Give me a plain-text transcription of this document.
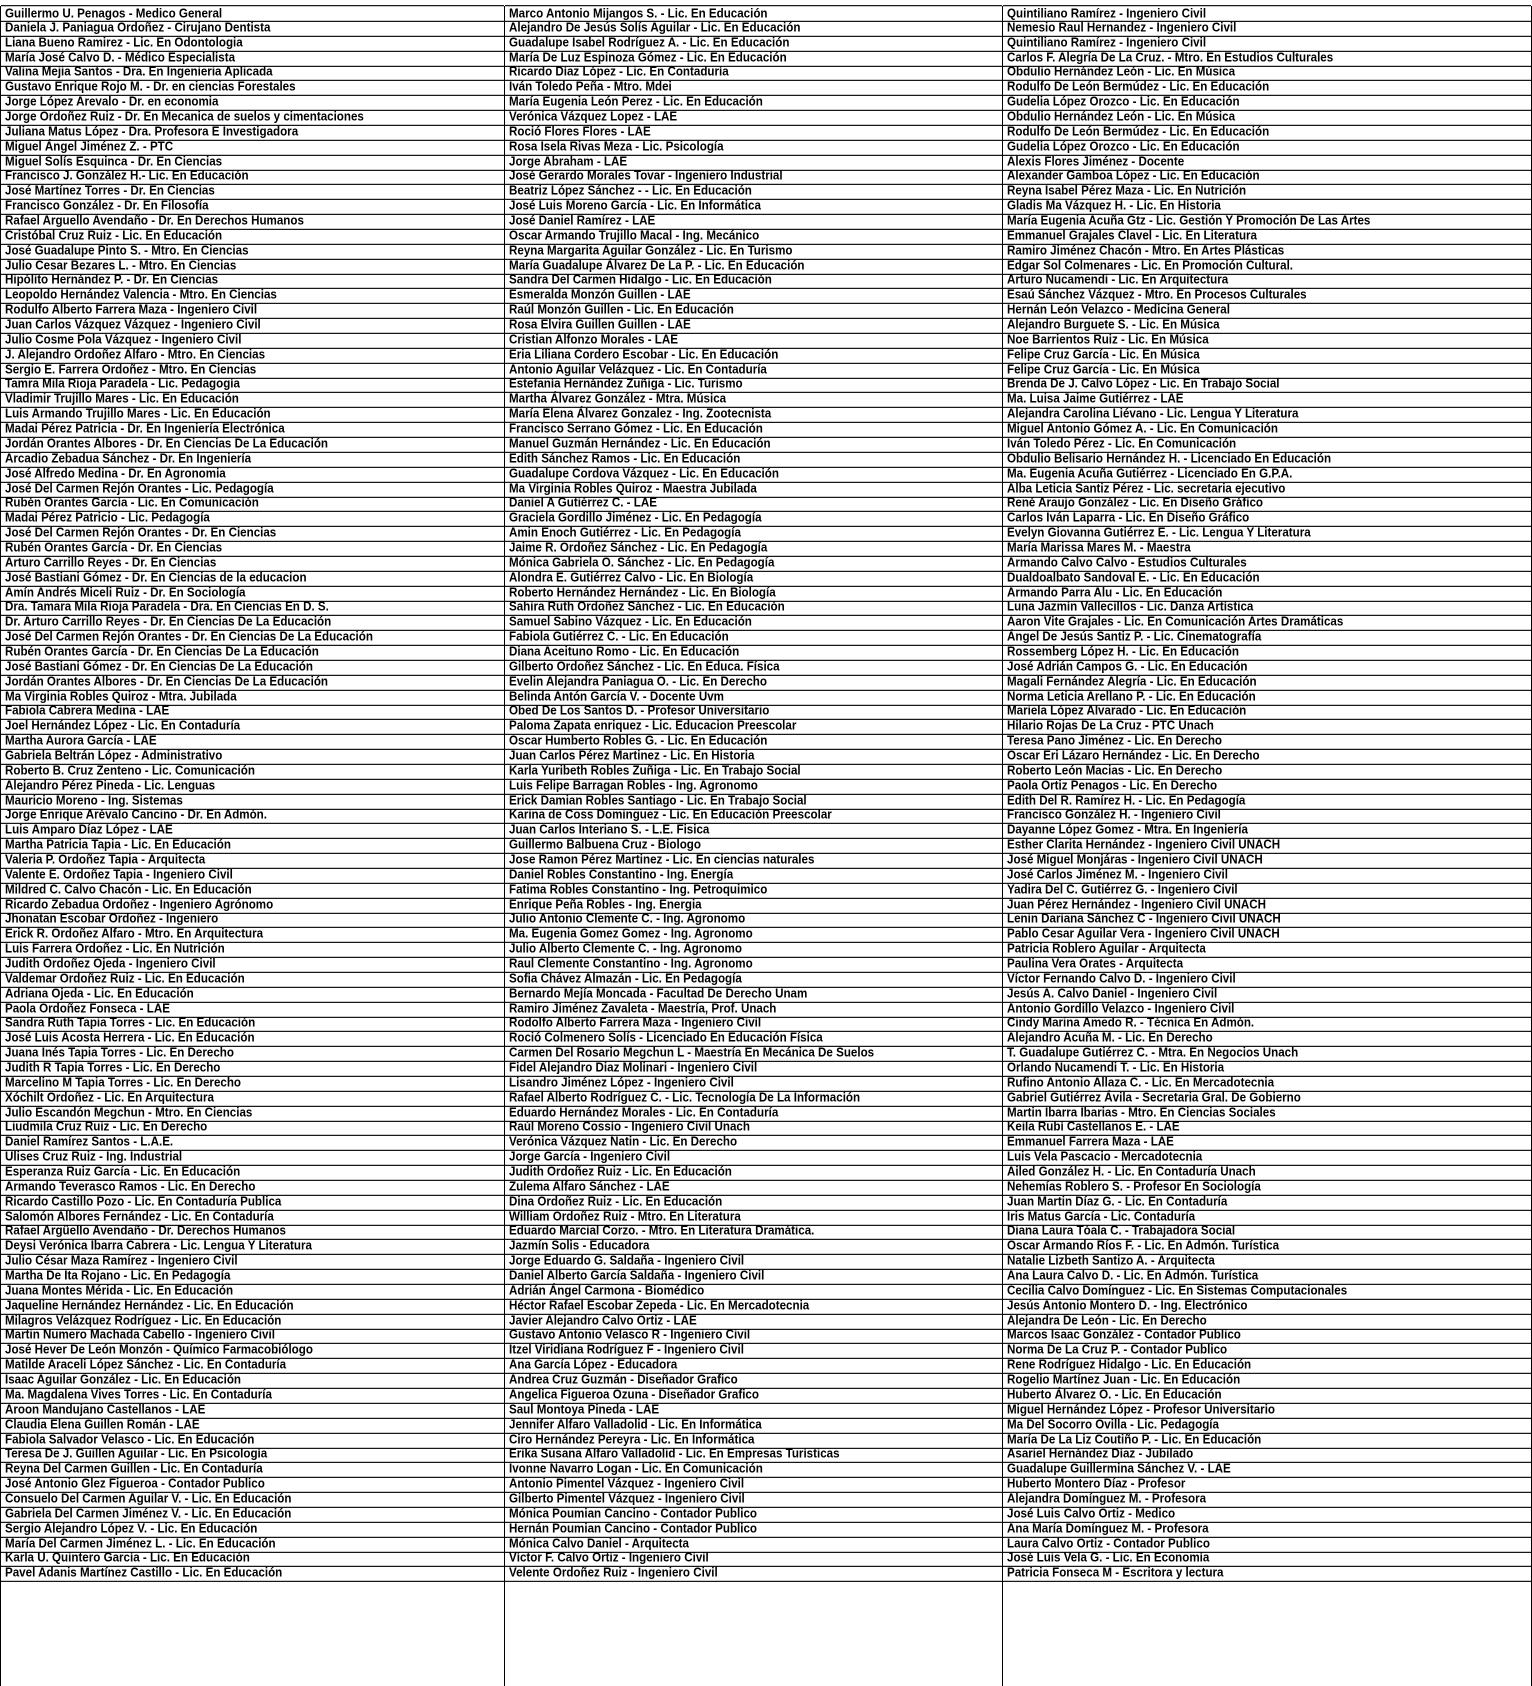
Guillermo U. Penagos - Medico General
Daniela J. Paniagua Ordoñez - Cirujano Dentista
Liana Bueno Ramirez - Lic. En Odontologia
María José Calvo D. - Médico Especialista
Valina Mejia Santos - Dra. En Ingenieria Aplicada
Gustavo Enrique Rojo M. - Dr. en ciencias Forestales
Jorge López Arevalo - Dr. en economia
Jorge Ordoñez Ruiz - Dr. En Mecanica de suelos y cimentaciones
Juliana Matus López - Dra. Profesora E Investigadora
Miguel Ángel Jiménez Z. - PTC
Miguel Solís Esquinca - Dr. En Ciencias
Francisco J. González H.- Lic. En Educación
José Martínez Torres - Dr. En Ciencias
Francisco González - Dr. En Filosofía
Rafael Arguello Avendaño - Dr. En Derechos Humanos
Cristóbal Cruz Ruiz - Lic. En Educación
José Guadalupe Pinto S. - Mtro. En Ciencias
Julio Cesar Bezares L. - Mtro. En Ciencias
Hipólito Hernández P. - Dr. En Ciencias
Leopoldo Hernández Valencia - Mtro. En Ciencias
Rodulfo Alberto Farrera Maza - Ingeniero Civil
Juan Carlos Vázquez Vázquez - Ingeniero Civil
Julio Cosme Pola Vázquez - Ingeniero Civil
J. Alejandro Ordoñez Alfaro - Mtro. En Ciencias
Sergio E. Farrera Ordoñez - Mtro. En Ciencias
Tamra Mila Rioja Paradela - Lic. Pedagogía
Vladimir Trujillo Mares - Lic. En Educación
Luis Armando Trujillo Mares - Lic. En Educación
Madai Pérez Patricia - Dr. En Ingeniería Electrónica
Jordán Orantes Albores - Dr. En Ciencias De La Educación
Arcadio Zebadua Sánchez - Dr. En Ingeniería
José Alfredo Medina - Dr. En Agronomia
José Del Carmen Rejón Orantes - Lic. Pedagogía
Rubén Orantes García - Lic. En Comunicación
Madai Pérez Patricio - Lic. Pedagogía
José Del Carmen Rejón Orantes - Dr. En Ciencias
Rubén Orantes García - Dr. En Ciencias
Arturo Carrillo Reyes - Dr. En Ciencias
José Bastiani Gómez - Dr. En Ciencias de la educacion
Amín Andrés Miceli Ruiz - Dr. En Sociología
Dra. Tamara Mila Rioja Paradela - Dra. En Ciencias En D. S.
Dr. Arturo Carrillo Reyes - Dr. En Ciencias De La Educación
José Del Carmen Rejón Orantes - Dr. En Ciencias De La Educación
Rubén Orantes García - Dr. En Ciencias De La Educación
José Bastiani Gómez - Dr. En Ciencias De La Educación
Jordán Orantes Albores - Dr. En Ciencias De La Educación
Ma Virginia Robles Quiroz - Mtra. Jubilada
Fabiola Cabrera Medina - LAE
Joel Hernández López - Lic. En Contaduría
Martha Aurora García - LAE
Gabriela Beltrán López - Administrativo
Roberto B. Cruz Zenteno - Lic. Comunicación
Alejandro Pérez Pineda - Lic. Lenguas
Mauricio Moreno - Ing. Sistemas
Jorge Enrique Arévalo Cancino - Dr. En Admón.
Luis Amparo Díaz López - LAE
Martha Patricia Tapia - Lic. En Educación
Valeria P. Ordoñez Tapia - Arquitecta
Valente E. Ordoñez Tapia - Ingeniero Civil
Mildred C. Calvo Chacón - Lic. En Educación
Ricardo Zebadua Ordoñez - Ingeniero Agrónomo
Jhonatan Escobar Ordoñez - Ingeniero
Erick R. Ordoñez Alfaro - Mtro. En Arquitectura
Luis Farrera Ordoñez - Lic. En Nutrición
Judith Ordoñez Ojeda - Ingeniero Civil
Valdemar Ordoñez Ruiz - Lic. En Educación
Adriana Ojeda - Lic. En Educación
Paola Ordoñez Fonseca - LAE
Sandra Ruth Tapia Torres - Lic. En Educación
José Luis Acosta Herrera - Lic. En Educación
Juana Inés Tapia Torres - Lic. En Derecho
Judith R Tapia Torres - Lic. En Derecho
Marcelino M Tapia Torres - Lic. En Derecho
Xóchilt Ordoñez - Lic. En Arquitectura
Julio Escandón Megchun - Mtro. En Ciencias
Liudmila Cruz Ruiz - Lic. En Derecho
Daniel Ramírez Santos - L.A.E.
Ulises Cruz Ruiz - Ing. Industrial
Esperanza Ruiz García - Lic. En Educación
Armando Teverasco Ramos - Lic. En Derecho
Ricardo Castillo Pozo - Lic. En Contaduría Publica
Salomón Albores Fernández - Lic. En Contaduría
Rafael Argüello Avendaño - Dr. Derechos Humanos
Deysi Verónica Ibarra Cabrera - Lic. Lengua Y Literatura
Julio César Maza Ramírez - Ingeniero Civil
Martha De Ita Rojano - Lic. En Pedagogía
Juana Montes Mérida - Lic. En Educación
Jaqueline Hernández Hernández - Lic. En Educación
Milagros Velázquez Rodríguez - Lic. En Educación
Martin Numero Machada Cabello - Ingeniero Civil
José Hever De León Monzón - Químico Farmacobiólogo
Matilde Araceli López Sánchez - Lic. En Contaduría
Isaac Aguilar González - Lic. En Educación
Ma. Magdalena Vives Torres - Lic. En Contaduría
Aroon Mandujano Castellanos - LAE
Claudia Elena Guillen Román - LAE
Fabiola Salvador Velasco - Lic. En Educación
Teresa De J. Guillen Aguilar - Lic. En Psicología
Reyna Del Carmen Guillen - Lic. En Contaduría
José Antonio Glez Figueroa - Contador Publico
Consuelo Del Carmen Aguilar V. - Lic. En Educación
Gabriela Del Carmen Jiménez V. - Lic. En Educación
Sergio Alejandro López V. - Lic. En Educación
María Del Carmen Jiménez L. - Lic. En Educación
Karla U. Quintero García - Lic. En Educación
Pavel Adanis Martínez Castillo - Lic. En Educación
Marco Antonio Mijangos S. - Lic. En Educación
Alejandro De Jesús Solís Aguilar - Lic. En Educación
Guadalupe Isabel Rodríguez A. - Lic. En Educación
María De Luz Espinoza Gómez - Lic. En Educación
Ricardo Díaz López - Lic. En Contaduría
Iván Toledo Peña - Mtro. Mdei
María Eugenia León Perez - Lic. En Educación
Verónica Vázquez Lopez - LAE
Roció Flores Flores - LAE
Rosa Isela Rivas Meza - Lic. Psicología
Jorge Abraham - LAE
José Gerardo Morales Tovar - Ingeniero Industrial
Beatriz López Sánchez - - Lic. En Educación
José Luis Moreno García - Lic. En Informática
José Daniel Ramírez - LAE
Oscar Armando Trujillo Macal - Ing. Mecánico
Reyna Margarita Aguilar González - Lic. En Turismo
María Guadalupe Álvarez De La P. - Lic. En Educación
Sandra Del Carmen Hidalgo - Lic. En Educación
Esmeralda Monzón Guillen - LAE
Raúl Monzón Guillen - Lic. En Educación
Rosa Elvira Guillen Guillen - LAE
Cristian Alfonzo Morales - LAE
Eria Liliana Cordero Escobar - Lic. En Educación
Antonio Aguilar Velázquez - Lic. En Contaduría
Estefanía Hernández Zuñiga - Lic. Turismo
Martha Álvarez González - Mtra. Música
María Elena Álvarez Gonzalez - Ing. Zootecnista
Francisco Serrano Gómez - Lic. En Educación
Manuel Guzmán Hernández - Lic. En Educación
Edith Sánchez Ramos - Lic. En Educación
Guadalupe Cordova Vázquez - Lic. En Educación
Ma Virginia Robles Quiroz - Maestra Jubilada
Daniel A Gutiérrez C. - LAE
Graciela Gordillo Jiménez - Lic. En Pedagogía
Amin Enoch Gutiérrez - Lic. En Pedagogía
Jaime R. Ordoñez Sánchez - Lic. En Pedagogía
Mónica Gabriela O. Sánchez - Lic. En Pedagogía
Alondra E. Gutiérrez Calvo - Lic. En Biología
Roberto Hernández Hernández - Lic. En Biología
Sahira Ruth Ordoñez Sánchez - Lic. En Educación
Samuel Sabino Vázquez - Lic. En Educación
Fabiola Gutiérrez C. - Lic. En Educación
Diana Aceituno Romo - Lic. En Educación
Gilberto Ordoñez Sánchez - Lic. En Educa. Física
Evelin Alejandra Paniagua O. - Lic. En Derecho
Belinda Antón García V. - Docente Uvm
Obed De Los Santos D. - Profesor Universitario
Paloma Zapata enriquez - Lic. Educacion Preescolar
Oscar Humberto Robles G. - Lic. En Educación
Juan Carlos Pérez Martinez - Lic. En Historia
Karla Yuribeth Robles Zuñiga - Lic. En Trabajo Social
Luis Felipe Barragan Robles - Ing. Agronomo
Erick Damian Robles Santiago - Lic. En Trabajo Social
Karina de Coss Dominguez - Lic. En Educación Preescolar
Juan Carlos Interiano S. - L.E. Fisica
Guillermo Balbuena Cruz - Biologo
Jose Ramon Pérez Martinez - Lic. En ciencias naturales
Daniel Robles Constantino - Ing. Energía
Fatima Robles Constantino - Ing. Petroquimico
Enrique Peña Robles - Ing. Energia
Julio Antonio Clemente C. - Ing. Agronomo
Ma. Eugenia Gomez Gomez - Ing. Agronomo
Julio Alberto Clemente C. - Ing. Agronomo
Raul Clemente Constantino - Ing. Agronomo
Sofia Chávez Almazán - Lic. En Pedagogía
Bernardo Mejía Moncada - Facultad De Derecho Unam
Ramiro Jiménez Zavaleta - Maestría, Prof. Unach
Rodolfo Alberto Farrera Maza - Ingeniero Civil
Roció Colmenero Solís - Licenciado En Educación Física
Carmen Del Rosario Megchun L - Maestría En Mecánica De Suelos
Fidel Alejandro Diaz Molinari - Ingeniero Civil
Lisandro Jiménez López - Ingeniero Civil
Rafael Alberto Rodríguez C. - Lic. Tecnología De La Información
Eduardo Hernández Morales - Lic. En Contaduría
Raúl Moreno Cossío - Ingeniero Civil Unach
Verónica Vázquez Natin - Lic. En Derecho
Jorge García - Ingeniero Civil
Judith Ordoñez Ruiz - Lic. En Educación
Zulema Alfaro Sánchez - LAE
Dina Ordoñez Ruiz - Lic. En Educación
William Ordoñez Ruiz - Mtro. En Literatura
Eduardo Marcial Corzo. - Mtro. En Literatura Dramática.
Jazmín Solis - Educadora
Jorge Eduardo G. Saldaña - Ingeniero Civil
Daniel Alberto García Saldaña - Ingeniero Civil
Adrián Ángel Carmona - Biomédico
Héctor Rafael Escobar Zepeda - Lic. En Mercadotecnia
Javier Alejandro Calvo Ortiz - LAE
Gustavo Antonio Velasco R - Ingeniero Civil
Itzel Viridiana Rodríguez F - Ingeniero Civil
Ana García López - Educadora
Andrea Cruz Guzmán - Diseñador Grafico
Angelica Figueroa Ozuna - Diseñador Grafico
Saul Montoya Pineda - LAE
Jennifer Alfaro Valladolid - Lic. En Informática
Ciro Hernández Pereyra - Lic. En Informática
Erika Susana Alfaro Valladolid - Lic. En Empresas Turísticas
Ivonne Navarro Logan - Lic. En Comunicación
Antonio Pimentel Vázquez - Ingeniero Civil
Gilberto Pimentel Vázquez - Ingeniero Civil
Mónica Poumian Cancino - Contador Publico
Hernán Poumian Cancino - Contador Publico
Mónica Calvo Daniel - Arquitecta
Víctor F. Calvo Ortiz - Ingeniero Civil
Velente Ordoñez Ruiz - Ingeniero Civil
Quintiliano Ramírez - Ingeniero Civil
Nemesio Raul Hernandez - Ingeniero Civil
Quintiliano Ramírez - Ingeniero Civil
Carlos F. Alegría De La Cruz. - Mtro. En Estudios Culturales
Obdulio Hernández León - Lic. En Música
Rodulfo De León Bermúdez - Lic. En Educación
Gudelia López Orozco - Lic. En Educación
Obdulio Hernández León - Lic. En Música
Rodulfo De León Bermúdez - Lic. En Educación
Gudelia López Orozco - Lic. En Educación
Alexis Flores Jiménez - Docente
Alexander Gamboa López - Lic. En Educación
Reyna Isabel Pérez Maza - Lic. En Nutrición
Gladis Ma Vázquez H. - Lic. En Historia
María Eugenia Acuña Gtz - Lic. Gestión Y Promoción De Las Artes
Emmanuel Grajales Clavel - Lic. En Literatura
Ramiro Jiménez Chacón - Mtro. En Artes Plásticas
Edgar Sol Colmenares - Lic. En Promoción Cultural.
Arturo Nucamendi - Lic. En Arquitectura
Esaú Sánchez Vázquez - Mtro. En Procesos Culturales
Hernán León Velazco - Medicina General
Alejandro Burguete S. - Lic. En Música
Noe Barrientos Ruiz - Lic. En Música
Felipe Cruz García - Lic. En Música
Felipe Cruz García - Lic. En Música
Brenda De J. Calvo López - Lic. En Trabajo Social
Ma. Luisa Jaime Gutiérrez - LAE
Alejandra Carolina Liévano - Lic. Lengua Y Literatura
Miguel Antonio Gómez A. - Lic. En Comunicación
Iván Toledo Pérez - Lic. En Comunicación
Obdulio Belisario Hernández H. - Licenciado En Educación
Ma. Eugenia Acuña Gutiérrez - Licenciado En G.P.A.
Alba Leticia Santiz Pérez - Lic. secretaria ejecutivo
René Araujo González - Lic. En Diseño Gráfico
Carlos Iván Laparra - Lic. En Diseño Gráfico
Evelyn Giovanna Gutiérrez E. - Lic. Lengua Y Literatura
María Marissa Mares M. - Maestra
Armando Calvo Calvo - Estudios Culturales
Dualdoalbato Sandoval E. - Lic. En Educación
Armando Parra Alu - Lic. En Educación
Luna Jazmín Vallecillos - Lic. Danza Artística
Aaron Vite Grajales - Lic. En Comunicación Artes Dramáticas
Ángel De Jesús Santiz P. - Lic. Cinematografía
Rossemberg López H. - Lic. En Educación
José Adrián Campos G. - Lic. En Educación
Magali Fernández Alegría - Lic. En Educación
Norma Leticia Arellano P. - Lic. En Educación
Mariela López Alvarado - Lic. En Educación
Hilario Rojas De La Cruz - PTC Unach
Teresa Pano Jiménez - Lic. En Derecho
Oscar Eri Lázaro Hernández - Lic. En Derecho
Roberto León Macias - Lic. En Derecho
Paola Ortiz Penagos - Lic. En Derecho
Edith Del R. Ramírez H. - Lic. En Pedagogía
Francisco González H. - Ingeniero Civil
Dayanne López Gomez - Mtra. En Ingeniería
Esther Clarita Hernández - Ingeniero Civil UNACH
José Miguel Monjáras - Ingeniero Civil UNACH
José Carlos Jiménez M. - Ingeniero Civil
Yadira Del C. Gutiérrez G. - Ingeniero Civil
Juan Pérez Hernández - Ingeniero Civil UNACH
Lenin Dariana Sánchez C - Ingeniero Civil UNACH
Pablo Cesar Aguilar Vera - Ingeniero Civil UNACH
Patricia Roblero Aguilar - Arquitecta
Paulina Vera Orates - Arquitecta
Víctor Fernando Calvo D. - Ingeniero Civil
Jesús A. Calvo Daniel - Ingeniero Civil
Antonio Gordillo Velazco - Ingeniero Civil
Cindy Marina Amedo R. - Técnica En Admón.
Alejandro Acuña M. - Lic. En Derecho
T. Guadalupe Gutiérrez C. - Mtra. En Negocios Unach
Orlando Nucamendi T. - Lic. En Historia
Rufino Antonio Allaza C. - Lic. En Mercadotecnia
Gabriel Gutiérrez Ávila - Secretaria Gral. De Gobierno
Martin Ibarra Ibarias - Mtro. En Ciencias Sociales
Keila Rubí Castellanos E. - LAE
Emmanuel Farrera Maza - LAE
Luis Vela Pascacio - Mercadotecnia
Ailed González H. - Lic. En Contaduría Unach
Nehemías Roblero S. - Profesor En Sociología
Juan Martin Díaz G. - Lic. En Contaduría
Iris Matus García - Lic. Contaduría
Diana Laura Tóala C. - Trabajadora Social
Oscar Armando Ríos F. - Lic. En Admón. Turística
Natalie Lizbeth Santizo A. - Arquitecta
Ana Laura Calvo D. - Lic. En Admón. Turística
Cecilia Calvo Domínguez - Lic. En Sistemas Computacionales
Jesús Antonio Montero D. - Ing. Electrónico
Alejandra De León - Lic. En Derecho
Marcos Isaac González - Contador Publico
Norma De La Cruz P. - Contador Publico
Rene Rodríguez Hidalgo - Lic. En Educación
Rogelio Martínez Juan - Lic. En Educación
Huberto Álvarez O. - Lic. En Educación
Miguel Hernández López - Profesor Universitario
Ma Del Socorro Ovilla - Lic. Pedagogía
María De La Liz Coutiño P. - Lic. En Educación
Asariel Hernández Díaz - Jubilado
Guadalupe Guillermina Sánchez V. - LAE
Huberto Montero Díaz - Profesor
Alejandra Domínguez M. - Profesora
José Luis Calvo Ortiz - Medico
Ana María Domínguez M. - Profesora
Laura Calvo Ortiz - Contador Publico
José Luis Vela G. - Lic. En Economía
Patricia Fonseca M - Escritora y lectura
